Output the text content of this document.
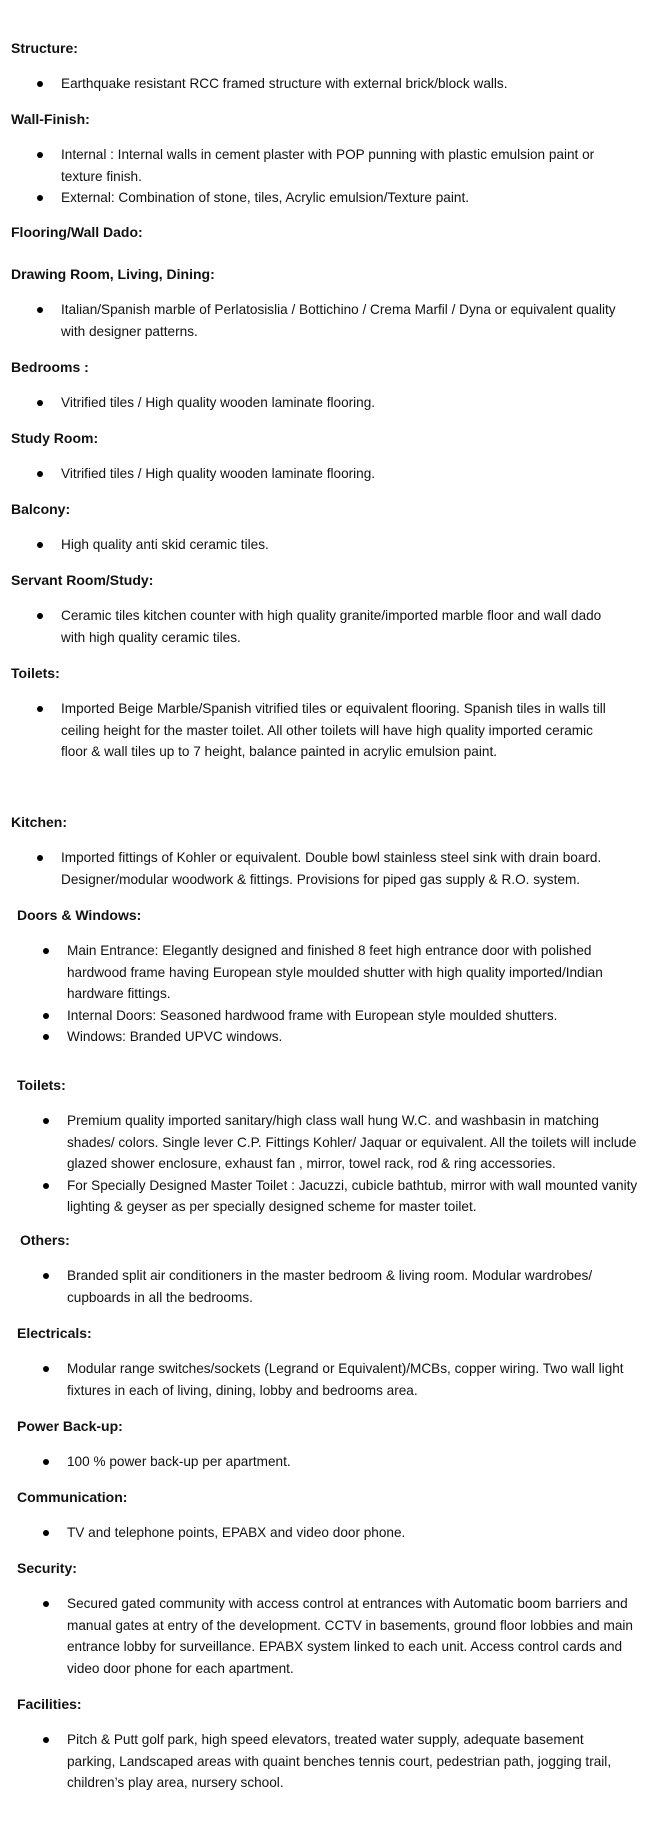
Structure:
Earthquake resistant RCC framed structure with external brick/block walls.
Wall-Finish:
Internal : Internal walls in cement plaster with POP punning with plastic emulsion paint or texture finish.
External: Combination of stone, tiles, Acrylic emulsion/Texture paint.
Flooring/Wall Dado:
Drawing Room, Living, Dining:
Italian/Spanish marble of Perlatosislia / Bottichino / Crema Marfil / Dyna or equivalent quality with designer patterns.
Bedrooms :
Vitrified tiles / High quality wooden laminate flooring.
Study Room:
Vitrified tiles / High quality wooden laminate flooring.
Balcony:
High quality anti skid ceramic tiles.
Servant Room/Study:
Ceramic tiles kitchen counter with high quality granite/imported marble floor and wall dado with high quality ceramic tiles.
Toilets:
Imported Beige Marble/Spanish vitrified tiles or equivalent flooring. Spanish tiles in walls till ceiling height for the master toilet. All other toilets will have high quality imported ceramic floor & wall tiles up to 7 height, balance painted in acrylic emulsion paint.
Kitchen:
Imported fittings of Kohler or equivalent. Double bowl stainless steel sink with drain board. Designer/modular woodwork & fittings. Provisions for piped gas supply & R.O. system.
Doors & Windows:
Main Entrance: Elegantly designed and finished 8 feet high entrance door with polished hardwood frame having European style moulded shutter with high quality imported/Indian hardware fittings.
Internal Doors: Seasoned hardwood frame with European style moulded shutters.
Windows: Branded UPVC windows.
Toilets:
Premium quality imported sanitary/high class wall hung W.C. and washbasin in matching shades/ colors. Single lever C.P. Fittings Kohler/ Jaquar or equivalent. All the toilets will include glazed shower enclosure, exhaust fan , mirror, towel rack, rod & ring accessories.
For Specially Designed Master Toilet : Jacuzzi, cubicle bathtub, mirror with wall mounted vanity lighting & geyser as per specially designed scheme for master toilet.
Others:
Branded split air conditioners in the master bedroom & living room. Modular wardrobes/ cupboards in all the bedrooms.
Electricals:
Modular range switches/sockets (Legrand or Equivalent)/MCBs, copper wiring. Two wall light fixtures in each of living, dining, lobby and bedrooms area.
Power Back-up:
100 % power back-up per apartment.
Communication:
TV and telephone points, EPABX and video door phone.
Security:
Secured gated community with access control at entrances with Automatic boom barriers and manual gates at entry of the development. CCTV in basements, ground floor lobbies and main entrance lobby for surveillance. EPABX system linked to each unit. Access control cards and video door phone for each apartment.
Facilities:
Pitch & Putt golf park, high speed elevators, treated water supply, adequate basement parking, Landscaped areas with quaint benches tennis court, pedestrian path, jogging trail, children’s play area, nursery school.
